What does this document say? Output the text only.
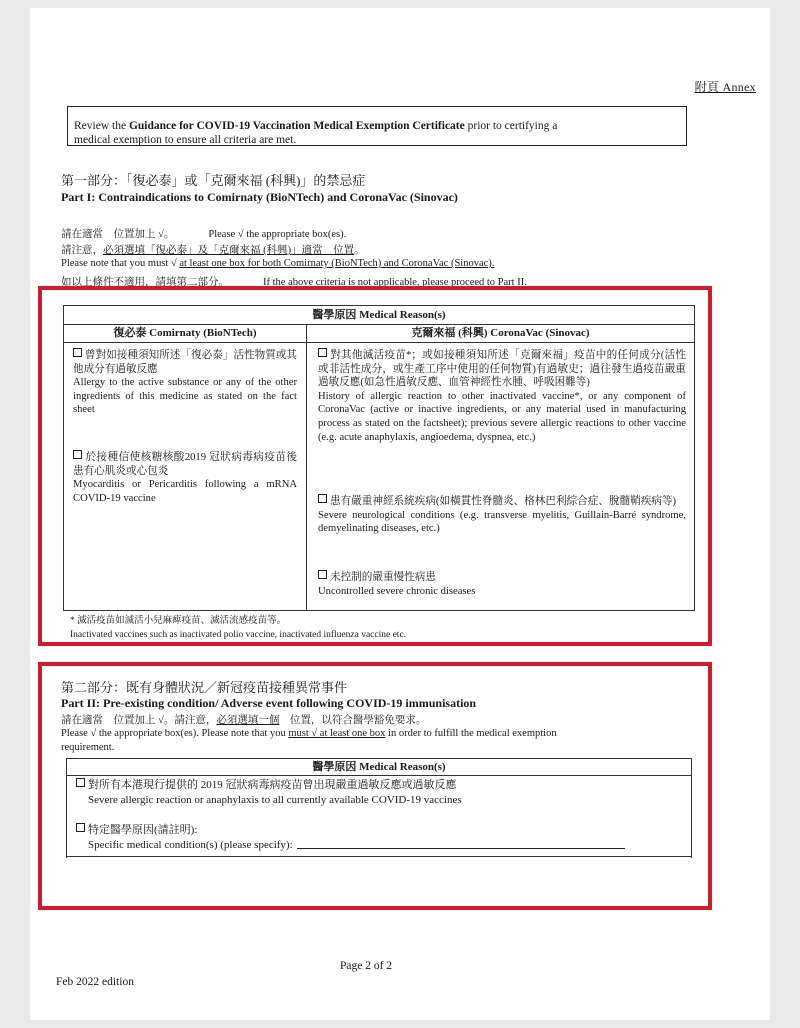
附頁 Annex
Review the Guidance for COVID-19 Vaccination Medical Exemption Certificate prior to certifying a
medical exemption to ensure all criteria are met.
第一部分：「復必泰」或「克爾來福 (科興)」的禁忌症
Part I: Contraindications to Comirnaty (BioNTech) and CoronaVac (Sinovac)
請在適當　位置加上 √。	Please √ the appropriate box(es).
請注意，必須選填「復必泰」及「克爾來福 (科興)」適當　位置。
Please note that you must √ at least one box for both Comirnaty (BioNTech) and CoronaVac (Sinovac).
如以上條件不適用，請填第二部分。	If the above criteria is not applicable, please proceed to Part II.
醫學原因 Medical Reason(s)
復必泰 Comirnaty (BioNTech)
曾對如接種須知所述「復必泰」活性物質或其他成分有過敏反應
Allergy to the active substance or any of the other ingredients of this medicine as stated on the fact sheet
於接種信使核糖核酸2019 冠狀病毒病疫苗後患有心肌炎或心包炎
Myocarditis or Pericarditis following a mRNA COVID-19 vaccine
克爾來福 (科興) CoronaVac (Sinovac)
對其他滅活疫苗*；或如接種須知所述「克爾來福」疫苗中的任何成分(活性或非活性成分，或生產工序中使用的任何物質)有過敏史；過往發生過疫苗嚴重過敏反應(如急性過敏反應、血管神經性水腫、呼吸困難等)
History of allergic reaction to other inactivated vaccine*, or any component of CoronaVac (active or inactive ingredients, or any material used in manufacturing process as stated on the factsheet); previous severe allergic reactions to other vaccine (e.g. acute anaphylaxis, angioedema, dyspnea, etc.)
患有嚴重神經系統疾病(如橫貫性脊髓炎、格林巴利綜合症、脫髓鞘疾病等)
Severe neurological conditions (e.g. transverse myelitis, Guillain-Barré syndrome, demyelinating diseases, etc.)
未控制的嚴重慢性病患
Uncontrolled severe chronic diseases
* 滅活疫苗如滅活小兒麻痺疫苗、滅活流感疫苗等。
Inactivated vaccines such as inactivated polio vaccine, inactivated influenza vaccine etc.
第二部分：既有身體狀況／新冠疫苗接種異常事件
Part II: Pre-existing condition/ Adverse event following COVID-19 immunisation
請在適當　位置加上 √。請注意，必須選填一個　位置，以符合醫學豁免要求。
Please √ the appropriate box(es). Please note that you must √ at least one box in order to fulfill the medical exemption
requirement.
醫學原因 Medical Reason(s)
對所有本港現行提供的 2019 冠狀病毒病疫苗曾出現嚴重過敏反應或過敏反應
Severe allergic reaction or anaphylaxis to all currently available COVID-19 vaccines
特定醫學原因(請註明):
Specific medical condition(s) (please specify):
Page 2 of 2
Feb 2022 edition
